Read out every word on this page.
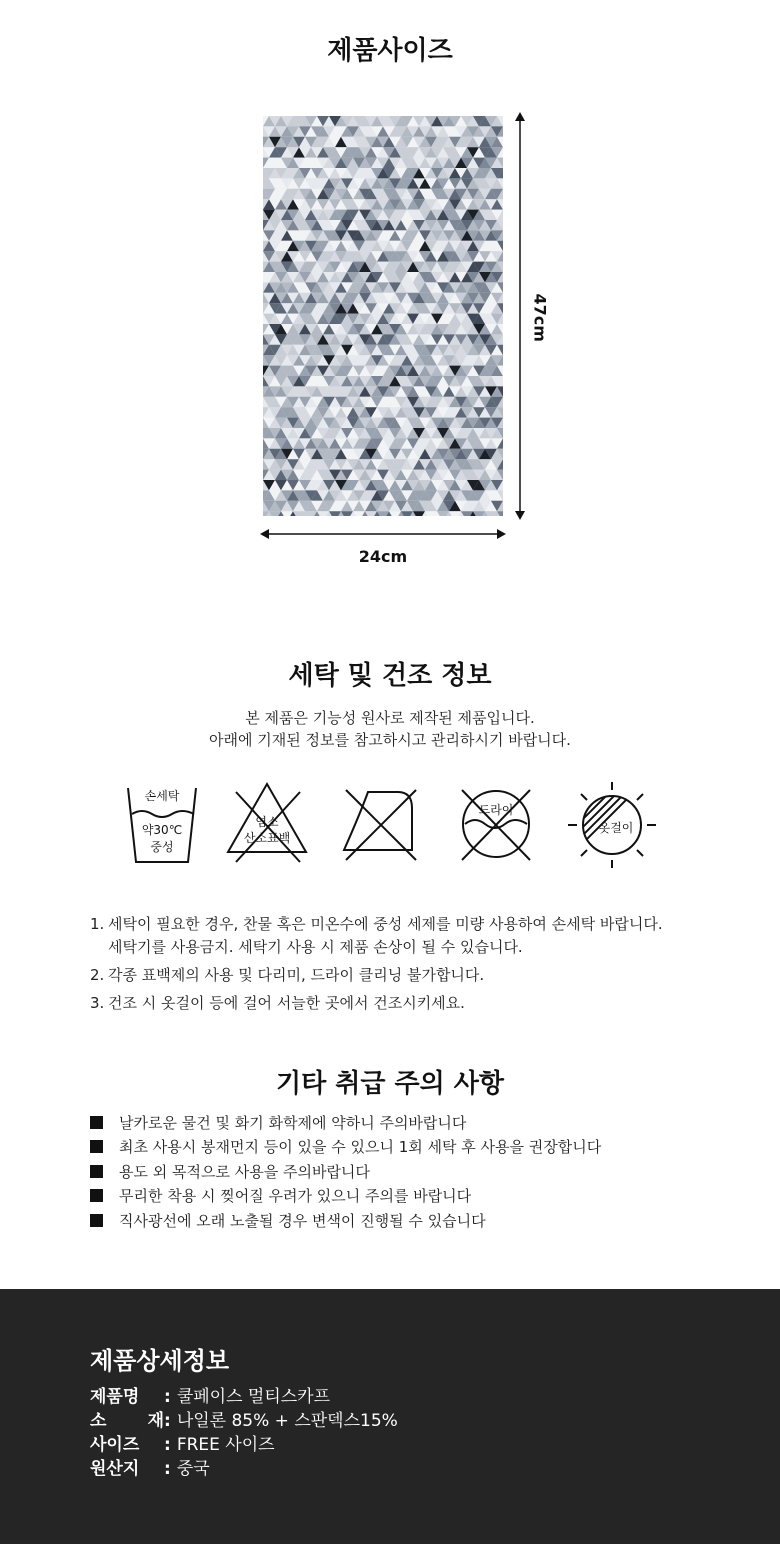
제품사이즈
47cm
24cm
세탁 및 건조 정보
본 제품은 기능성 원사로 제작된 제품입니다.
아래에 기재된 정보를 참고하시고 관리하시기 바랍니다.
손세탁
약30℃
중성
염소
산소표백
드라이
옷걸이
1. 세탁이 필요한 경우, 찬물 혹은 미온수에 중성 세제를 미량 사용하여 손세탁 바랍니다.
세탁기를 사용금지. 세탁기 사용 시 제품 손상이 될 수 있습니다.
2. 각종 표백제의 사용 및 다리미, 드라이 클리닝 불가합니다.
3. 건조 시 옷걸이 등에 걸어 서늘한 곳에서 건조시키세요.
기타 취급 주의 사항
날카로운 물건 및 화기 화학제에 약하니 주의바랍니다
최초 사용시 봉재먼지 등이 있을 수 있으니 1회 세탁 후 사용을 권장합니다
용도 외 목적으로 사용을 주의바랍니다
무리한 착용 시 찢어질 우려가 있으니 주의를 바랍니다
직사광선에 오래 노출될 경우 변색이 진행될 수 있습니다
제품상세정보
제품명 : 쿨페이스 멀티스카프
소 재 : 나일론 85% + 스판덱스15%
사이즈 : FREE 사이즈
원산지 : 중국
